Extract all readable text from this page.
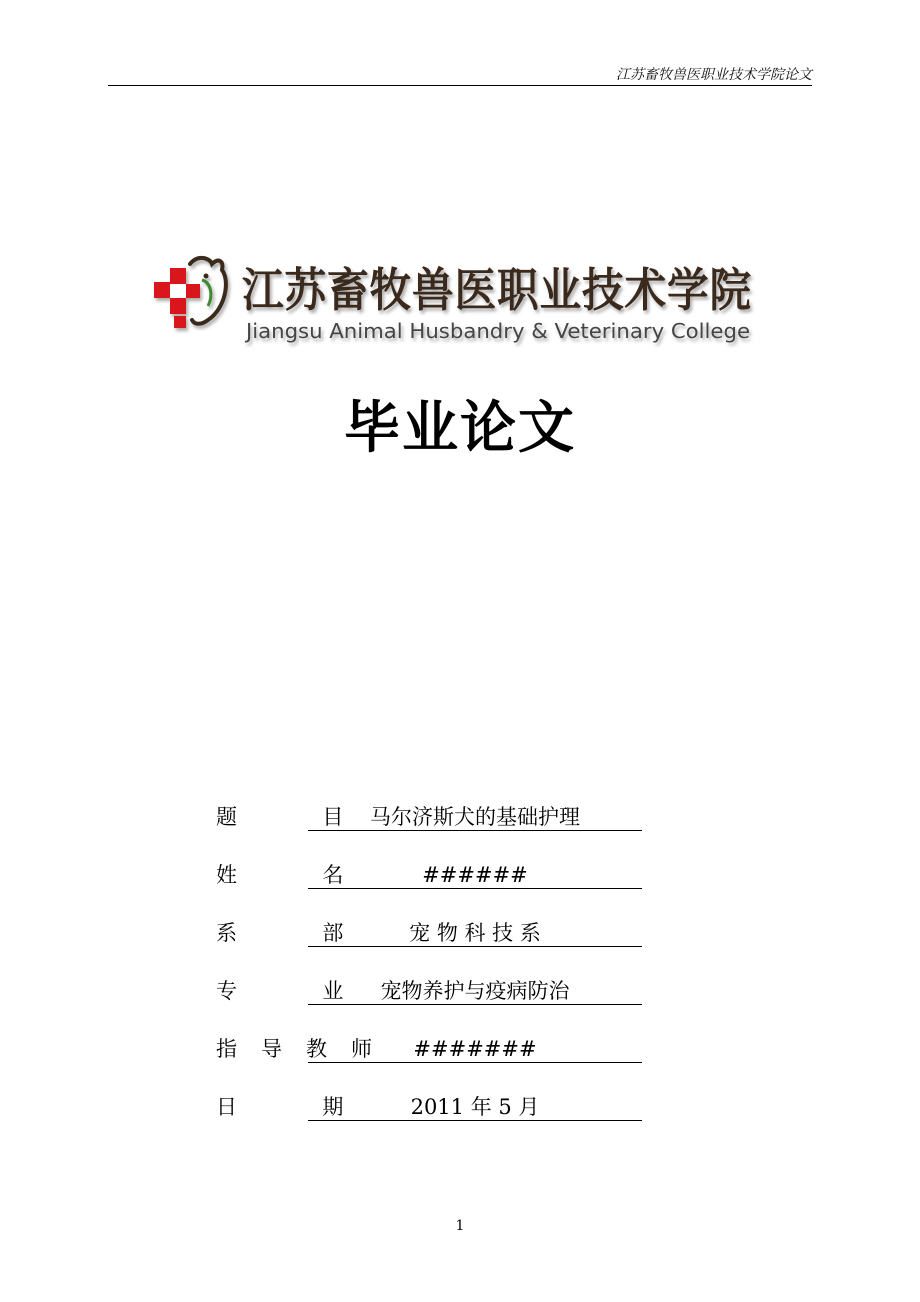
江苏畜牧兽医职业技术学院论文
江苏畜牧兽医职业技术学院
Jiangsu Animal Husbandry & Veterinary College
毕业论文
题  目 马尔济斯犬的基础护理
姓  名	######
系  部	宠 物 科 技 系
专  业 宠物养护与疫病防治
指导教师 #######
日  期	2011 年 5 月
1
